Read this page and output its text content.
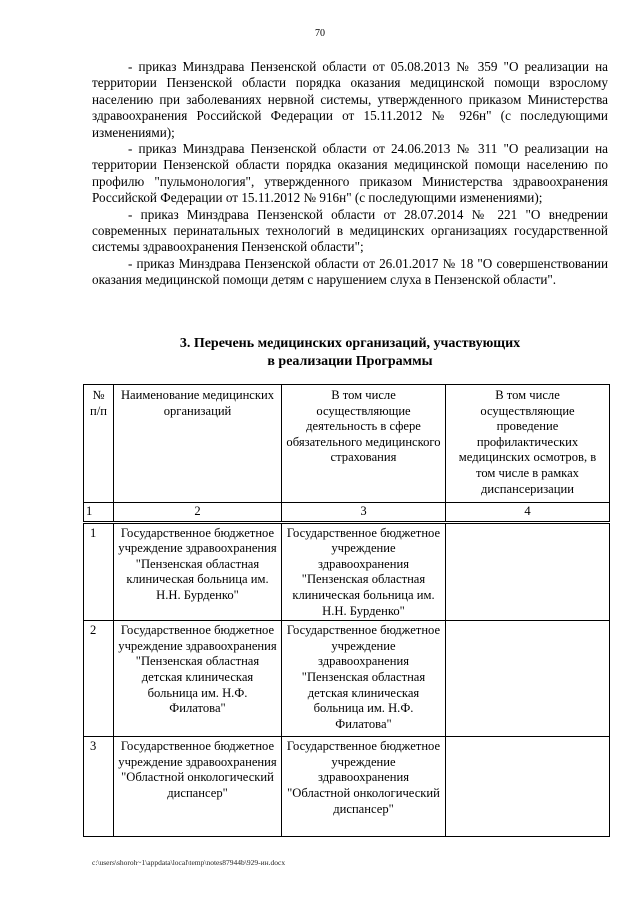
70

- приказ Минздрава Пензенской области от 05.08.2013 № 359 "О реализации на территории Пензенской области порядка оказания медицинской помощи взрослому населению при заболеваниях нервной системы, утвержденного приказом Министерства здравоохранения Российской Федерации от 15.11.2012 № 926н" (с последующими изменениями);

- приказ Минздрава Пензенской области от 24.06.2013 № 311 "О реализации на территории Пензенской области порядка оказания медицинской помощи населению по профилю "пульмонология", утвержденного приказом Министерства здравоохранения Российской Федерации от 15.11.2012 № 916н" (с последующими изменениями);

- приказ Минздрава Пензенской области от 28.07.2014 № 221 "О внедрении современных перинатальных технологий в медицинских организациях государственной системы здравоохранения Пензенской области";

- приказ Минздрава Пензенской области от 26.01.2017 № 18 "О совершенствовании оказания медицинской помощи детям с нарушением слуха в Пензенской области".

3. Перечень медицинских организаций, участвующих
в реализации Программы
№ п/п	Наименование медицинских организаций	В том числе осуществляющие деятельность в сфере обязательного медицинского страхования	В том числе осуществляющие проведение профилактических медицинских осмотров, в том числе в рамках диспансеризации
1	2	3	4
1	Государственное бюджетное учреждение здравоохранения "Пензенская областная клиническая больница им. Н.Н. Бурденко"	Государственное бюджетное учреждение здравоохранения "Пензенская областная клиническая больница им. Н.Н. Бурденко"	
2	Государственное бюджетное учреждение здравоохранения "Пензенская областная детская клиническая больница им. Н.Ф. Филатова"	Государственное бюджетное учреждение здравоохранения "Пензенская областная детская клиническая больница им. Н.Ф. Филатова"	
3	Государственное бюджетное учреждение здравоохранения "Областной онкологический диспансер"	Государственное бюджетное учреждение здравоохранения "Областной онкологический диспансер"	
c:\users\shoroh~1\appdata\local\temp\notes87944b\929-ин.docx
